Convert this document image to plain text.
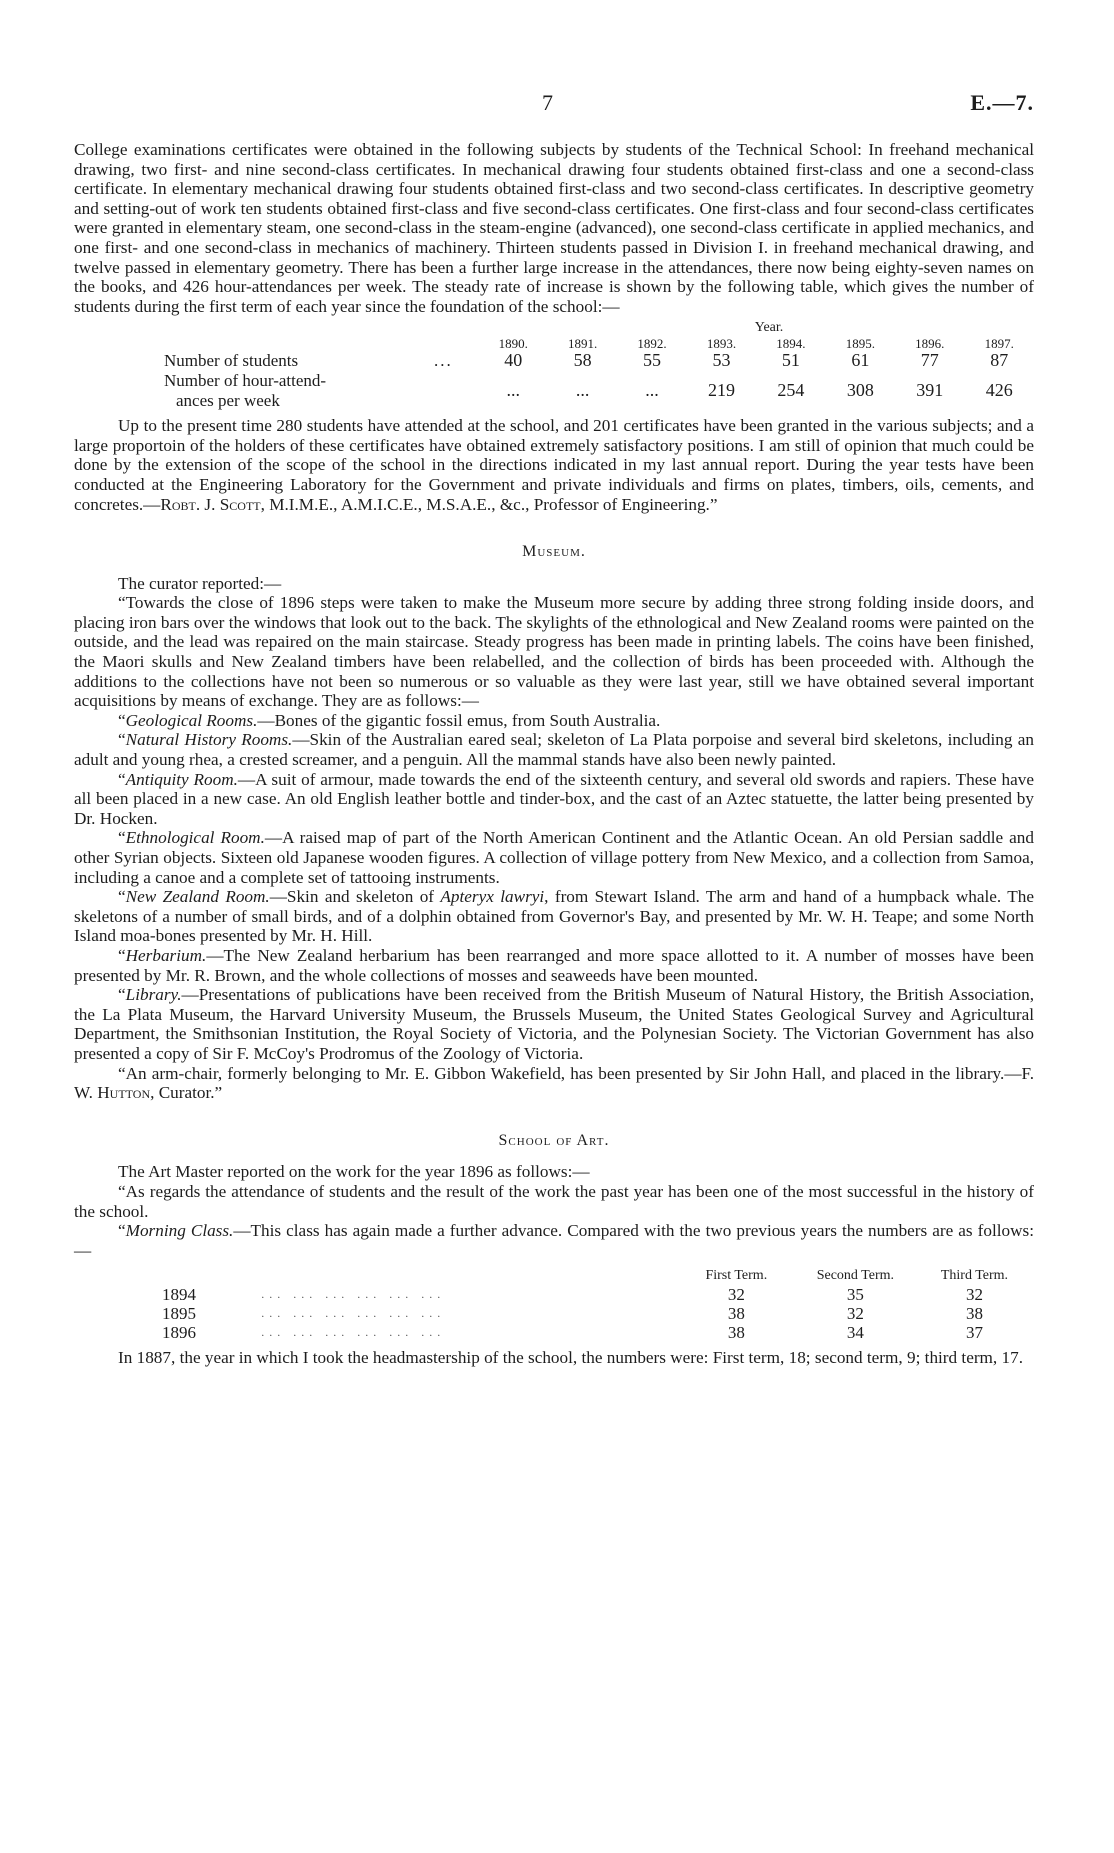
7	E.—7.

College examinations certificates were obtained in the following subjects by students of the Technical School: In freehand mechanical drawing, two first- and nine second-class certificates. In mechanical drawing four students obtained first-class and one a second-class certificate. In elementary mechanical drawing four students obtained first-class and two second-class certificates. In descriptive geometry and setting-out of work ten students obtained first-class and five second-class certificates. One first-class and four second-class certificates were granted in elementary steam, one second-class in the steam-engine (advanced), one second-class certificate in applied mechanics, and one first- and one second-class in mechanics of machinery. Thirteen students passed in Division I. in freehand mechanical drawing, and twelve passed in elementary geometry. There has been a further large increase in the attendances, there now being eighty-seven names on the books, and 426 hour-attendances per week. The steady rate of increase is shown by the following table, which gives the number of students during the first term of each year since the foundation of the school:—

Year.									
		1890.	1891.	1892.	1893.	1894.	1895.	1896.	1897.
Number of students	...	40	58	55	53	51	61	77	87
Number of hour-attend-
ances per week		...	...	...	219	254	308	391	426

Up to the present time 280 students have attended at the school, and 201 certificates have been granted in the various subjects; and a large proportoin of the holders of these certificates have obtained extremely satisfactory positions. I am still of opinion that much could be done by the extension of the scope of the school in the directions indicated in my last annual report. During the year tests have been conducted at the Engineering Laboratory for the Government and private individuals and firms on plates, timbers, oils, cements, and concretes.—Robt. J. Scott, M.I.M.E., A.M.I.C.E., M.S.A.E., &c., Professor of Engineering.”

Museum.

The curator reported:—

“Towards the close of 1896 steps were taken to make the Museum more secure by adding three strong folding inside doors, and placing iron bars over the windows that look out to the back. The skylights of the ethnological and New Zealand rooms were painted on the outside, and the lead was repaired on the main staircase. Steady progress has been made in printing labels. The coins have been finished, the Maori skulls and New Zealand timbers have been relabelled, and the collection of birds has been proceeded with. Although the additions to the collections have not been so numerous or so valuable as they were last year, still we have obtained several important acquisitions by means of exchange. They are as follows:—

“Geological Rooms.—Bones of the gigantic fossil emus, from South Australia.

“Natural History Rooms.—Skin of the Australian eared seal; skeleton of La Plata porpoise and several bird skeletons, including an adult and young rhea, a crested screamer, and a penguin. All the mammal stands have also been newly painted.

“Antiquity Room.—A suit of armour, made towards the end of the sixteenth century, and several old swords and rapiers. These have all been placed in a new case. An old English leather bottle and tinder-box, and the cast of an Aztec statuette, the latter being presented by Dr. Hocken.

“Ethnological Room.—A raised map of part of the North American Continent and the Atlantic Ocean. An old Persian saddle and other Syrian objects. Sixteen old Japanese wooden figures. A collection of village pottery from New Mexico, and a collection from Samoa, including a canoe and a complete set of tattooing instruments.

“New Zealand Room.—Skin and skeleton of Apteryx lawryi, from Stewart Island. The arm and hand of a humpback whale. The skeletons of a number of small birds, and of a dolphin obtained from Governor's Bay, and presented by Mr. W. H. Teape; and some North Island moa-bones presented by Mr. H. Hill.

“Herbarium.—The New Zealand herbarium has been rearranged and more space allotted to it. A number of mosses have been presented by Mr. R. Brown, and the whole collections of mosses and seaweeds have been mounted.

“Library.—Presentations of publications have been received from the British Museum of Natural History, the British Association, the La Plata Museum, the Harvard University Museum, the Brussels Museum, the United States Geological Survey and Agricultural Department, the Smithsonian Institution, the Royal Society of Victoria, and the Polynesian Society. The Victorian Government has also presented a copy of Sir F. McCoy's Prodromus of the Zoology of Victoria.

“An arm-chair, formerly belonging to Mr. E. Gibbon Wakefield, has been presented by Sir John Hall, and placed in the library.—F. W. Hutton, Curator.”

School of Art.

The Art Master reported on the work for the year 1896 as follows:—

“As regards the attendance of students and the result of the work the past year has been one of the most successful in the history of the school.

“Morning Class.—This class has again made a further advance. Compared with the two previous years the numbers are as follows:—

		First Term.	Second Term.	Third Term.
1894	... ... ... ... ... ...	32	35	32
1895	... ... ... ... ... ...	38	32	38
1896	... ... ... ... ... ...	38	34	37

In 1887, the year in which I took the headmastership of the school, the numbers were: First term, 18; second term, 9; third term, 17.
